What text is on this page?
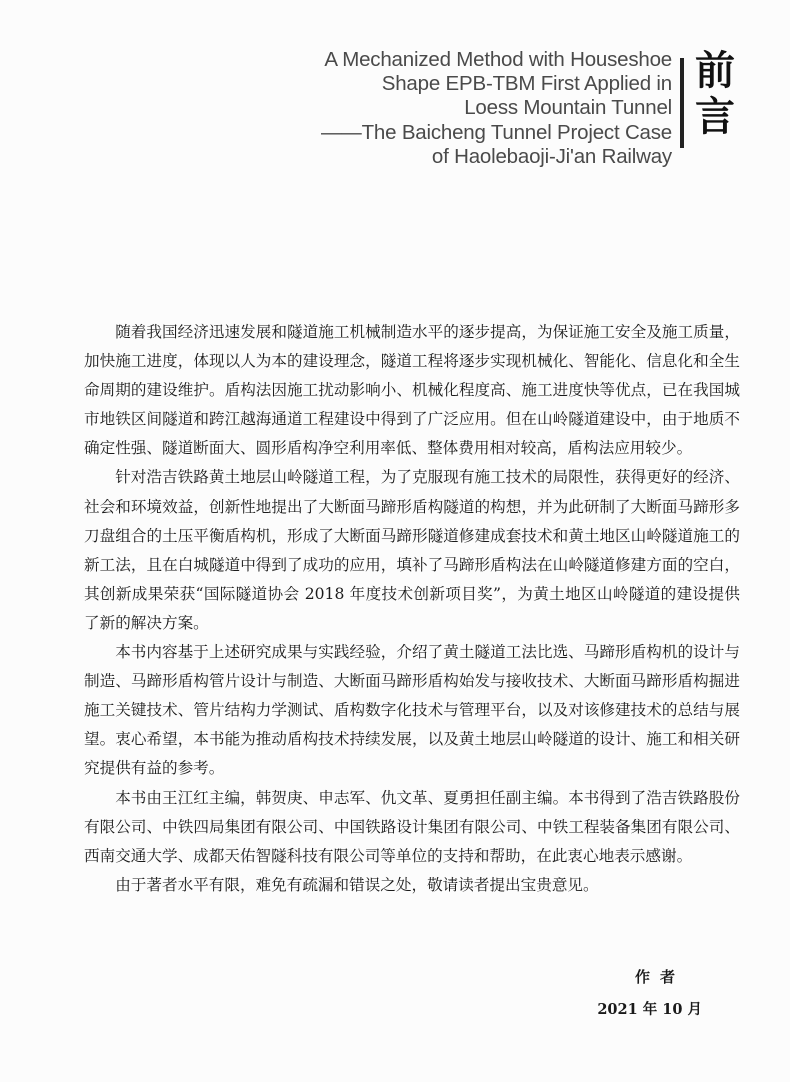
A Mechanized Method with Houseshoe
Shape EPB-TBM First Applied in
Loess Mountain Tunnel
——The Baicheng Tunnel Project Case
of Haolebaoji-Ji'an Railway
前
言

随着我国经济迅速发展和隧道施工机械制造水平的逐步提高，为保证施工安全及施工质量，加快施工进度，体现以人为本的建设理念，隧道工程将逐步实现机械化、智能化、信息化和全生命周期的建设维护。盾构法因施工扰动影响小、机械化程度高、施工进度快等优点，已在我国城市地铁区间隧道和跨江越海通道工程建设中得到了广泛应用。但在山岭隧道建设中，由于地质不确定性强、隧道断面大、圆形盾构净空利用率低、整体费用相对较高，盾构法应用较少。

针对浩吉铁路黄土地层山岭隧道工程，为了克服现有施工技术的局限性，获得更好的经济、社会和环境效益，创新性地提出了大断面马蹄形盾构隧道的构想，并为此研制了大断面马蹄形多刀盘组合的土压平衡盾构机，形成了大断面马蹄形隧道修建成套技术和黄土地区山岭隧道施工的新工法，且在白城隧道中得到了成功的应用，填补了马蹄形盾构法在山岭隧道修建方面的空白，其创新成果荣获“国际隧道协会 2018 年度技术创新项目奖”，为黄土地区山岭隧道的建设提供了新的解决方案。

本书内容基于上述研究成果与实践经验，介绍了黄土隧道工法比选、马蹄形盾构机的设计与制造、马蹄形盾构管片设计与制造、大断面马蹄形盾构始发与接收技术、大断面马蹄形盾构掘进施工关键技术、管片结构力学测试、盾构数字化技术与管理平台，以及对该修建技术的总结与展望。衷心希望，本书能为推动盾构技术持续发展，以及黄土地层山岭隧道的设计、施工和相关研究提供有益的参考。

本书由王江红主编，韩贺庚、申志军、仇文革、夏勇担任副主编。本书得到了浩吉铁路股份有限公司、中铁四局集团有限公司、中国铁路设计集团有限公司、中铁工程装备集团有限公司、西南交通大学、成都天佑智隧科技有限公司等单位的支持和帮助，在此衷心地表示感谢。

由于著者水平有限，难免有疏漏和错误之处，敬请读者提出宝贵意见。

作者
2021 年 10 月
